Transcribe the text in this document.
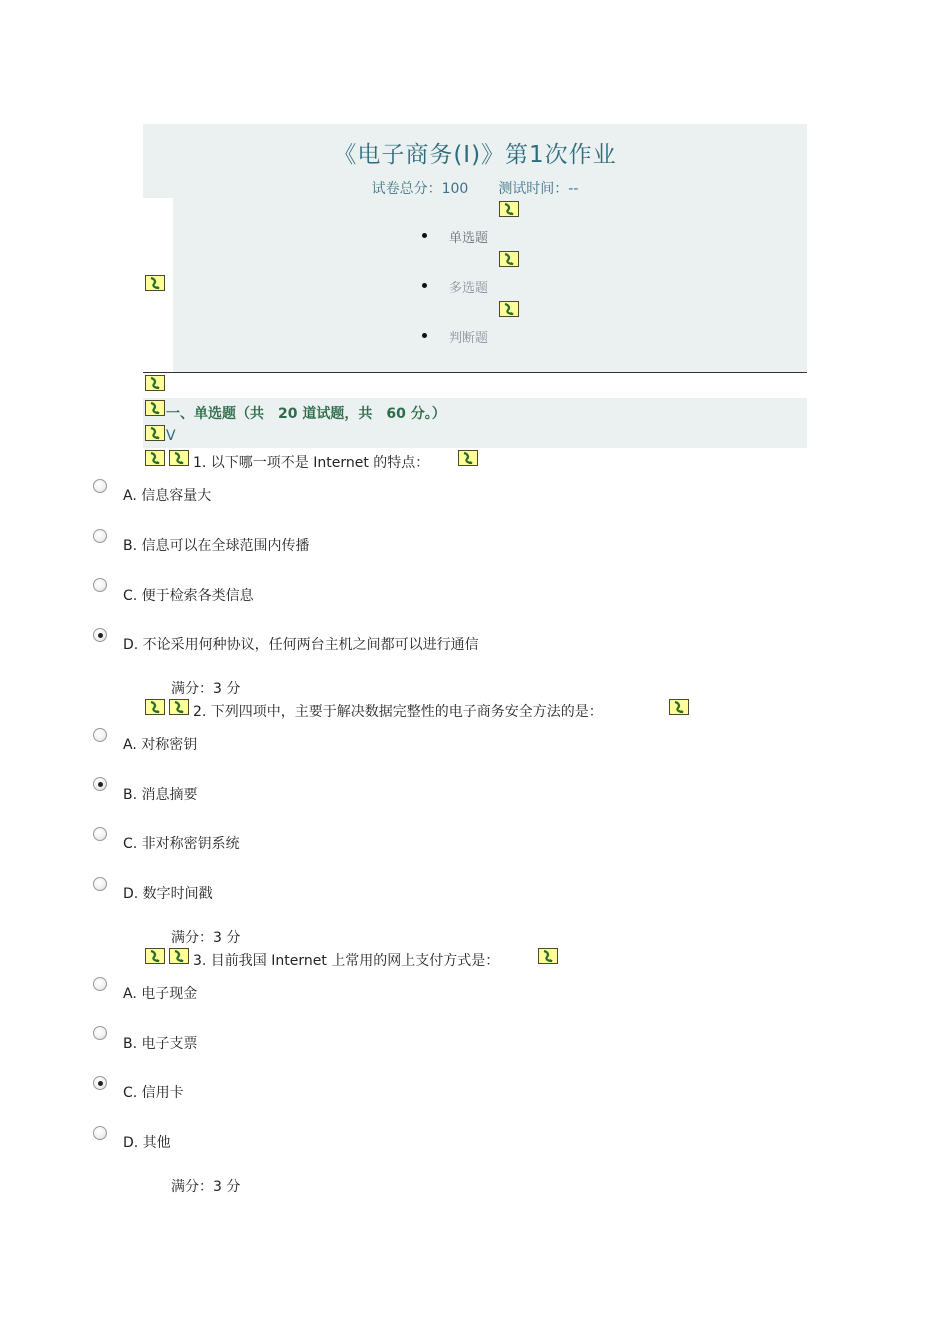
《电子商务(I)》第1次作业
试卷总分：100 测试时间：--
单选题
多选题
判断题
一、单选题（共　20 道试题，共　60 分。）
V
1. 以下哪一项不是 Internet 的特点：
A. 信息容量大
B. 信息可以在全球范围内传播
C. 便于检索各类信息
D. 不论采用何种协议，任何两台主机之间都可以进行通信
满分：3 分
2. 下列四项中，主要于解决数据完整性的电子商务安全方法的是：
A. 对称密钥
B. 消息摘要
C. 非对称密钥系统
D. 数字时间戳
满分：3 分
3. 目前我国 Internet 上常用的网上支付方式是：
A. 电子现金
B. 电子支票
C. 信用卡
D. 其他
满分：3 分
